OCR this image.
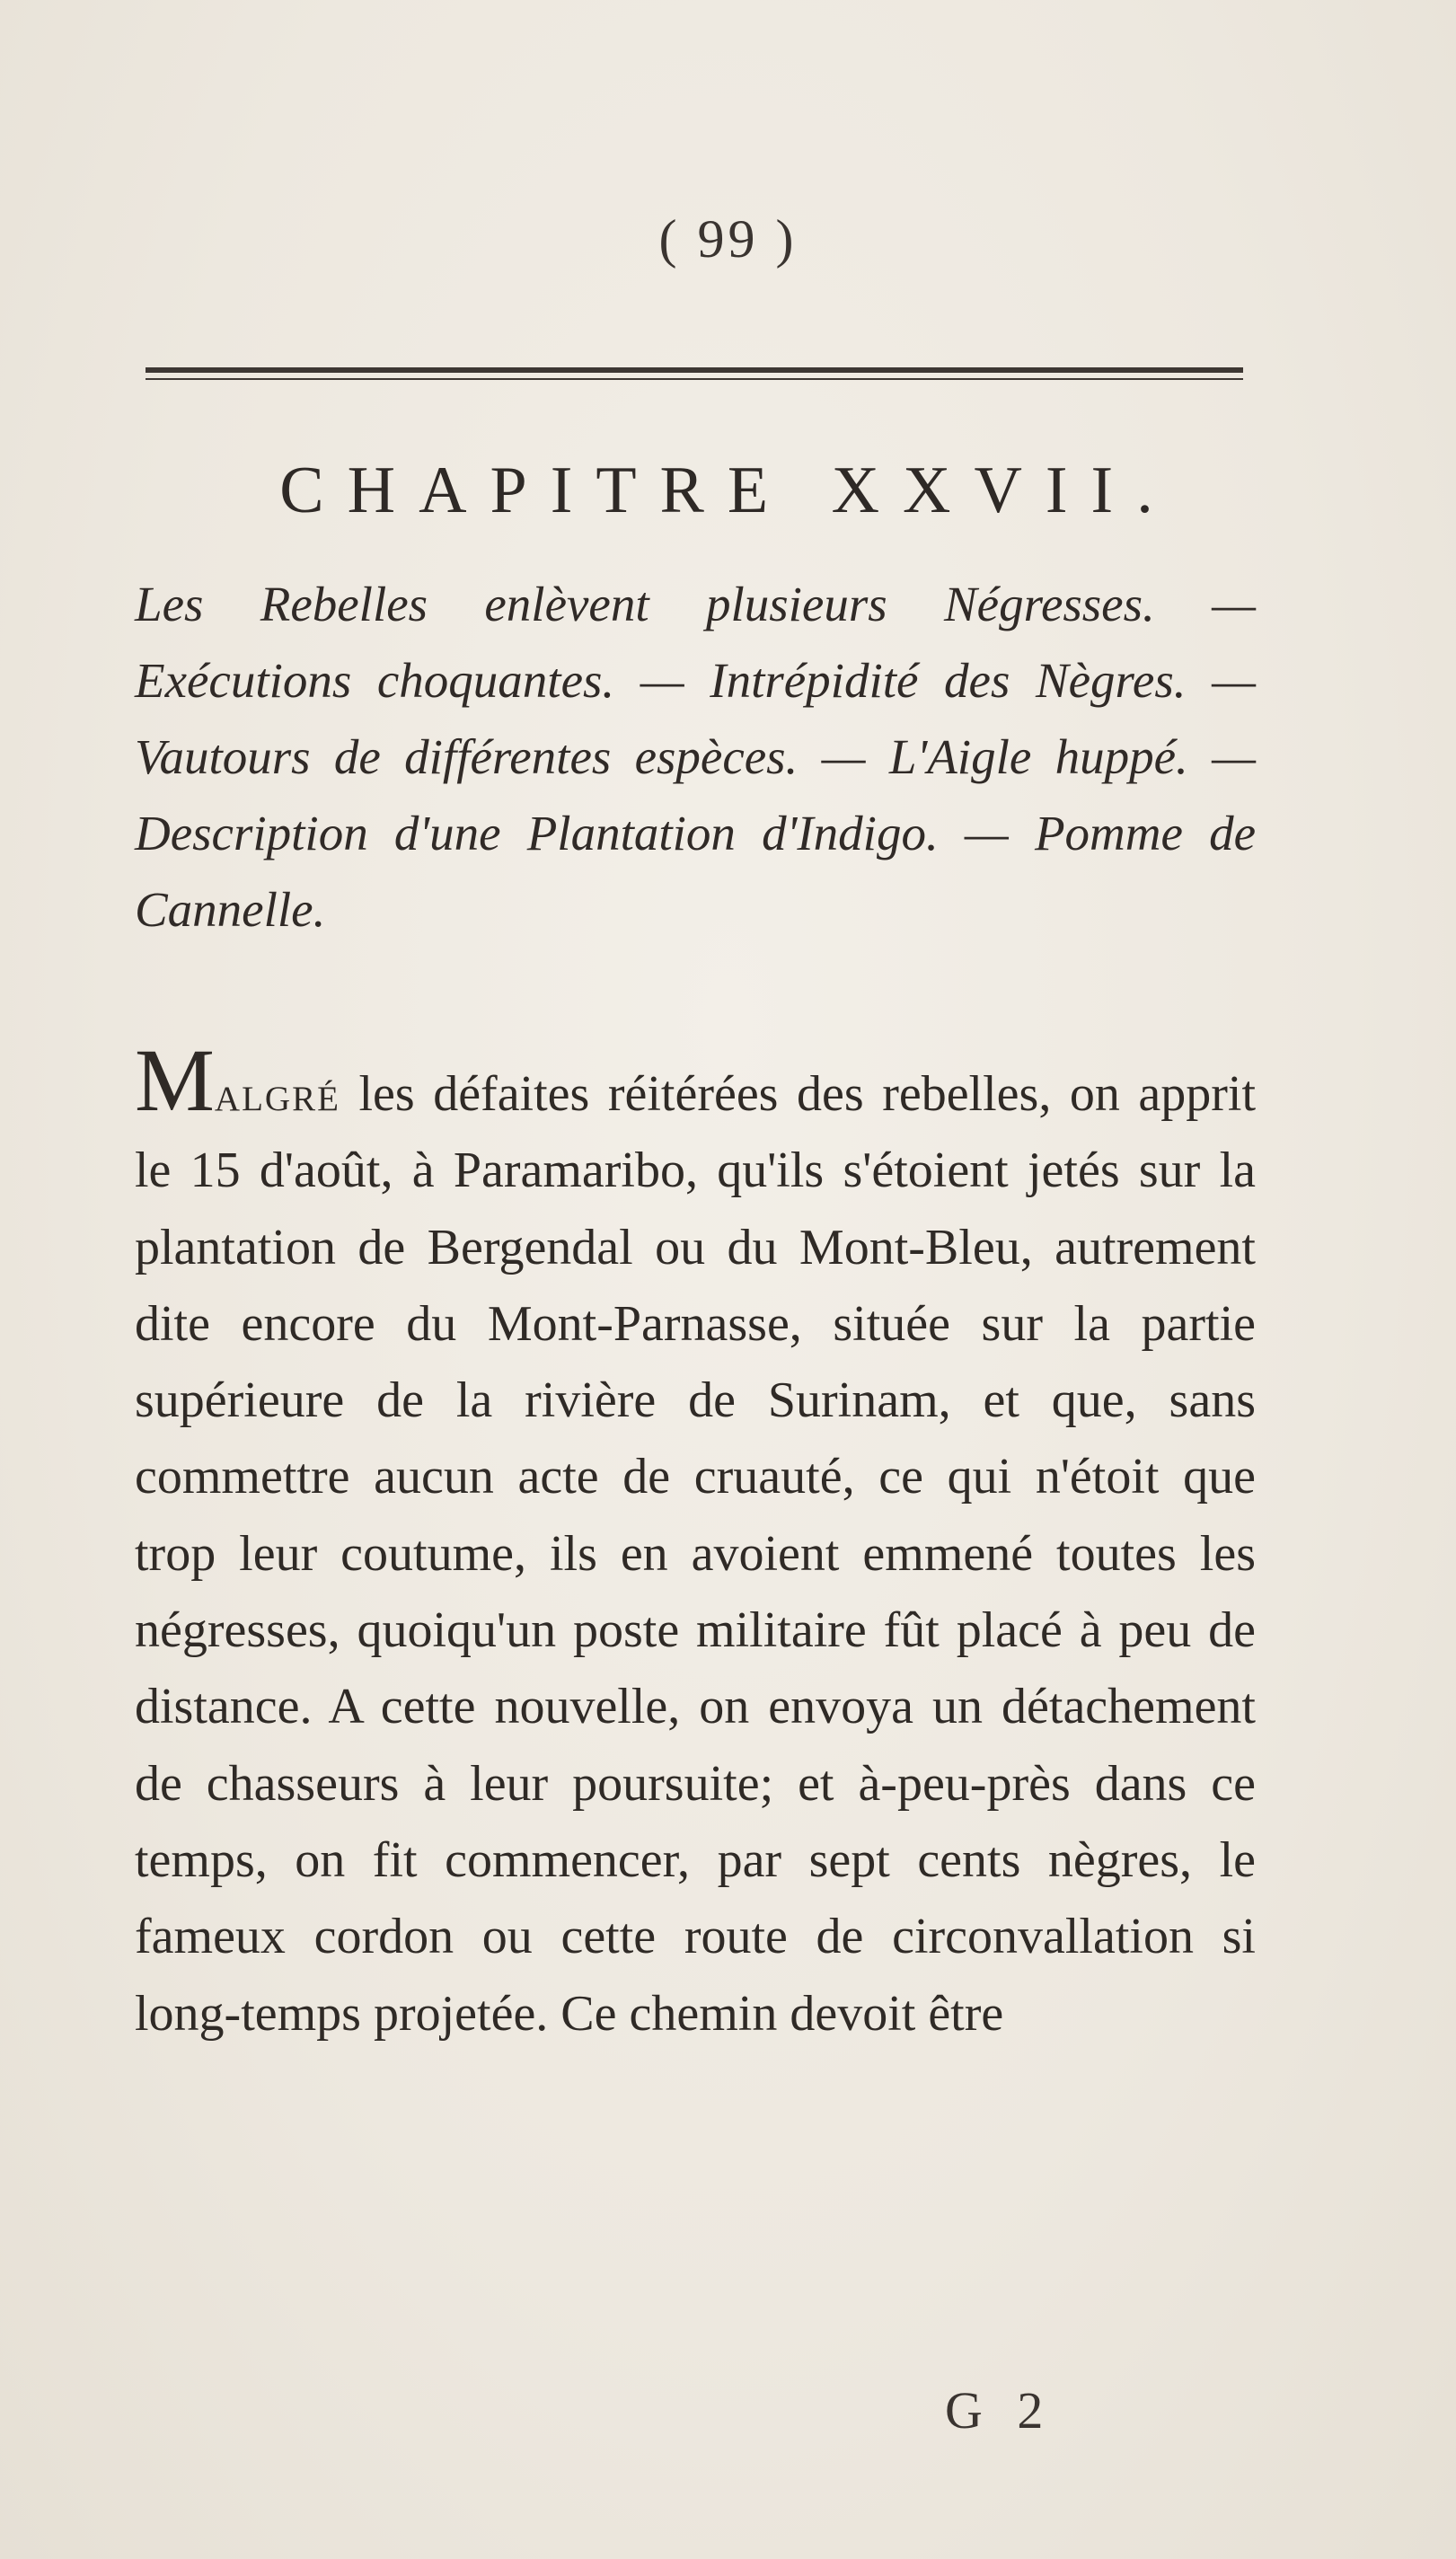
( 99 )
CHAPITRE XXVII.

Les Rebelles enlèvent plusieurs Négresses. — Exécutions choquantes. — Intrépidité des Nègres. — Vautours de différentes espèces. — L'Aigle huppé. — Description d'une Plantation d'Indigo. — Pomme de Cannelle.

Malgré les défaites réitérées des rebelles, on apprit le 15 d'août, à Paramaribo, qu'ils s'étoient jetés sur la plantation de Bergendal ou du Mont-Bleu, autrement dite encore du Mont-Parnasse, située sur la partie supérieure de la rivière de Surinam, et que, sans commettre aucun acte de cruauté, ce qui n'étoit que trop leur coutume, ils en avoient emmené toutes les négresses, quoiqu'un poste militaire fût placé à peu de distance. A cette nouvelle, on envoya un détachement de chasseurs à leur poursuite; et à-peu-près dans ce temps, on fit commencer, par sept cents nègres, le fameux cordon ou cette route de circonvallation si long-temps projetée. Ce chemin devoit être

G 2
